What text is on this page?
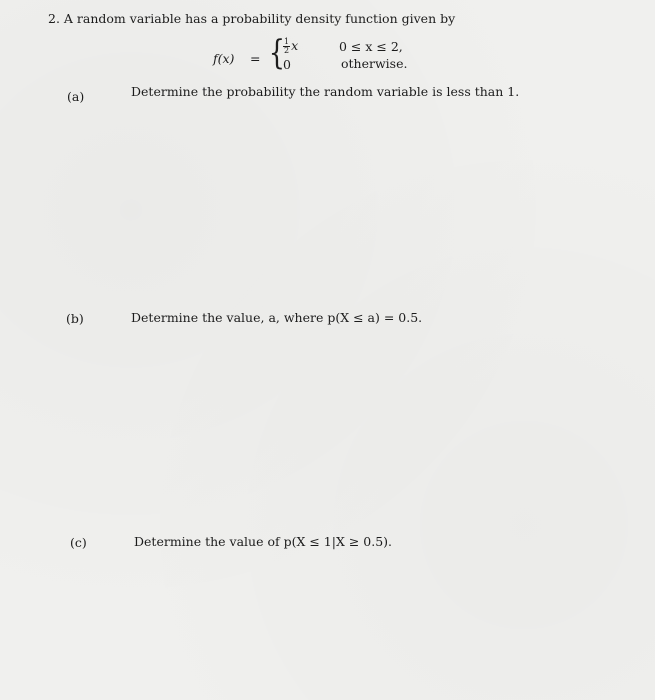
2. A random variable has a probability density function given by
f(x) = {
$\frac{1}{2}$ x
0
0 ≤ x ≤ 2,
otherwise.
(a)	Determine the probability the random variable is less than 1.
(b)	Determine the value, a, where p(X ≤ a) = 0.5.
(c)	Determine the value of p(X ≤ 1|X ≥ 0.5).
